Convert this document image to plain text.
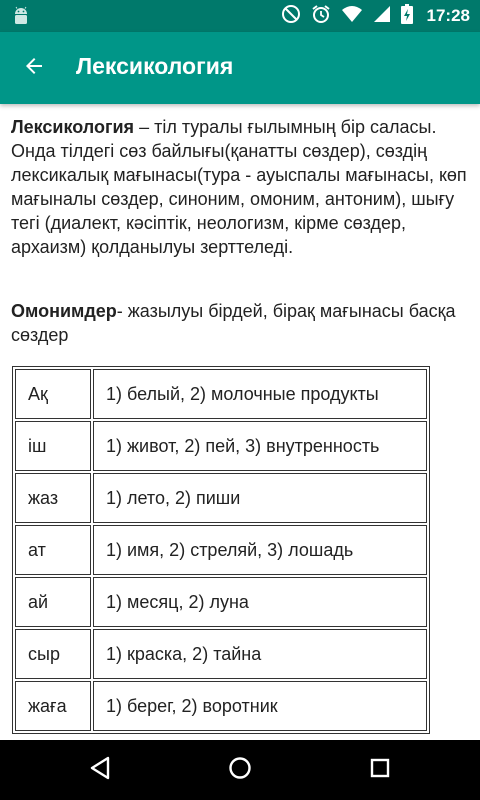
17:28
Лексикология

Лексикология – тіл туралы ғылымның бір саласы. Онда тілдегі сөз байлығы(қанатты сөздер), сөздің лексикалық мағынасы(тура - ауыспалы мағынасы, көп мағыналы сөздер, синоним, омоним, антоним), шығу тегі (диалект, кәсіптік, неологизм, кірме сөздер, архаизм) қолданылуы зерттеледі.

Омонимдер- жазылуы бірдей, бірақ мағынасы басқа сөздер

Ақ	1) белый, 2) молочные продукты
іш	1) живот, 2) пей, 3) внутренность
жаз	1) лето, 2) пиши
ат	1) имя, 2) стреляй, 3) лошадь
ай	1) месяц, 2) луна
сыр	1) краска, 2) тайна
жаға	1) берег, 2) воротник
